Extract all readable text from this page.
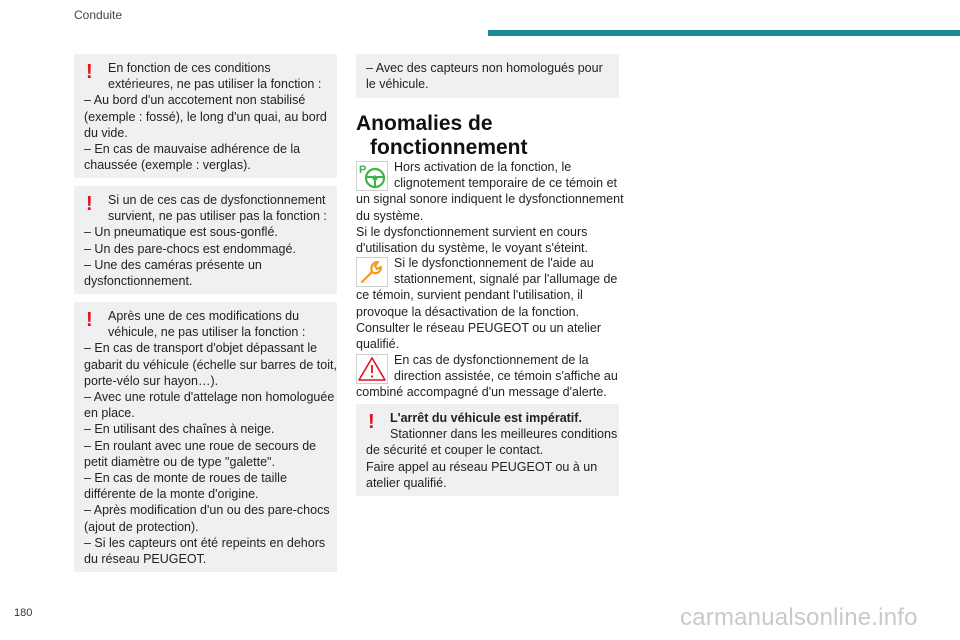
Conduite
!	En fonction de ces conditions
extérieures, ne pas utiliser la fonction :
– Au bord d'un accotement non stabilisé
(exemple : fossé), le long d'un quai, au bord
du vide.
– En cas de mauvaise adhérence de la
chaussée (exemple : verglas).
!	Si un de ces cas de dysfonctionnement
survient, ne pas utiliser pas la fonction :
– Un pneumatique est sous-gonflé.
– Un des pare-chocs est endommagé.
– Une des caméras présente un
dysfonctionnement.
!	Après une de ces modifications du
véhicule, ne pas utiliser la fonction :
– En cas de transport d'objet dépassant le
gabarit du véhicule (échelle sur barres de toit,
porte-vélo sur hayon…).
– Avec une rotule d'attelage non homologuée
en place.
– En utilisant des chaînes à neige.
– En roulant avec une roue de secours de
petit diamètre ou de type "galette".
– En cas de monte de roues de taille
différente de la monte d'origine.
– Après modification d'un ou des pare-chocs
(ajout de protection).
– Si les capteurs ont été repeints en dehors
du réseau PEUGEOT.
– Avec des capteurs non homologués pour
le véhicule.
Anomalies de
fonctionnement
P	Hors activation de la fonction, le
clignotement temporaire de ce témoin et
un signal sonore indiquent le dysfonctionnement
du système.
Si le dysfonctionnement survient en cours
d'utilisation du système, le voyant s'éteint.
Si le dysfonctionnement de l'aide au
stationnement, signalé par l'allumage de
ce témoin, survient pendant l'utilisation, il
provoque la désactivation de la fonction.
Consulter le réseau PEUGEOT ou un atelier
qualifié.
En cas de dysfonctionnement de la
direction assistée, ce témoin s'affiche au
combiné accompagné d'un message d'alerte.
!	L'arrêt du véhicule est impératif.
Stationner dans les meilleures conditions
de sécurité et couper le contact.
Faire appel au réseau PEUGEOT ou à un
atelier qualifié.
180	carmanualsonline.info
